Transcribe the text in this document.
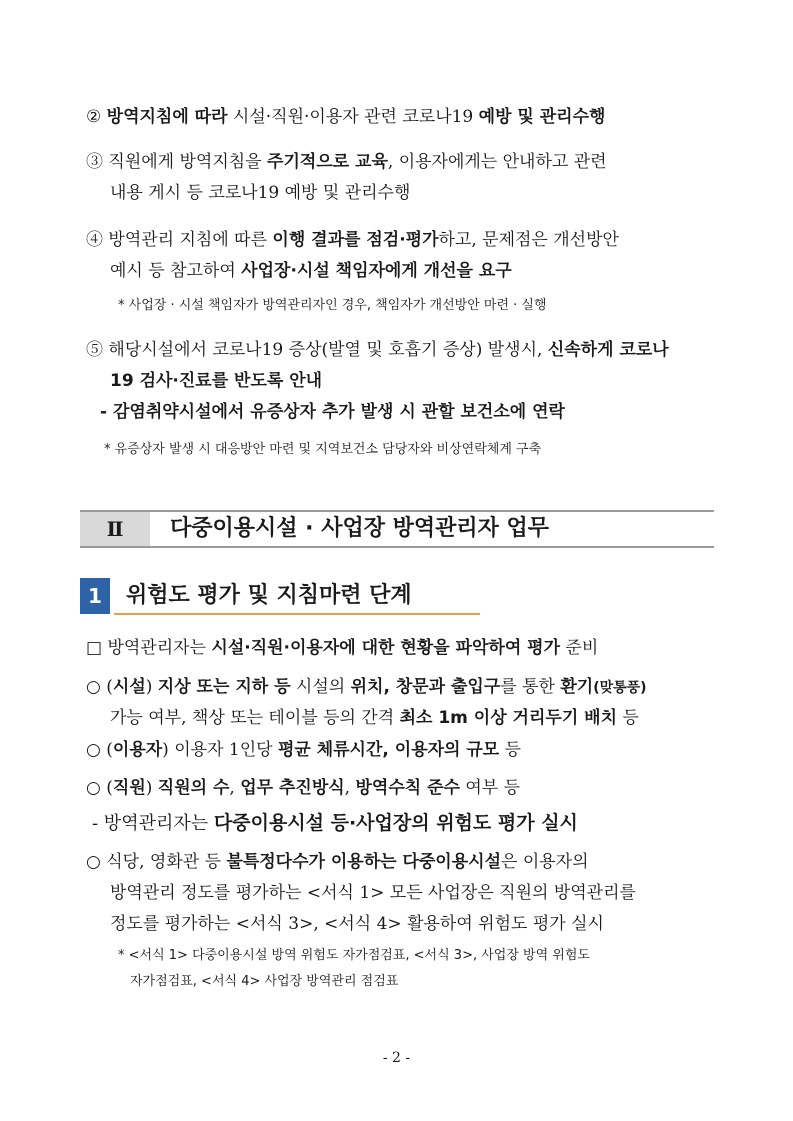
② 방역지침에 따라 시설·직원·이용자 관련 코로나19 예방 및 관리수행
③ 직원에게 방역지침을 주기적으로 교육, 이용자에게는 안내하고 관련
내용 게시 등 코로나19 예방 및 관리수행
④ 방역관리 지침에 따른 이행 결과를 점검·평가하고, 문제점은 개선방안
예시 등 참고하여 사업장·시설 책임자에게 개선을 요구
* 사업장 · 시설 책임자가 방역관리자인 경우, 책임자가 개선방안 마련 · 실행
⑤ 해당시설에서 코로나19 증상(발열 및 호흡기 증상) 발생시, 신속하게 코로나
19 검사·진료를 반도록 안내
- 감염취약시설에서 유증상자 추가 발생 시 관할 보건소에 연락
* 유증상자 발생 시 대응방안 마련 및 지역보건소 담당자와 비상연락체계 구축
Ⅱ	다중이용시설 · 사업장 방역관리자 업무
1	위험도 평가 및 지침마련 단계
□ 방역관리자는 시설·직원·이용자에 대한 현황을 파악하여 평가 준비
○ (시설) 지상 또는 지하 등 시설의 위치, 창문과 출입구를 통한 환기(맞통풍)
가능 여부, 책상 또는 테이블 등의 간격 최소 1m 이상 거리두기 배치 등
○ (이용자) 이용자 1인당 평균 체류시간, 이용자의 규모 등
○ (직원) 직원의 수, 업무 추진방식, 방역수칙 준수 여부 등
- 방역관리자는 다중이용시설 등·사업장의 위험도 평가 실시
○ 식당, 영화관 등 불특정다수가 이용하는 다중이용시설은 이용자의
방역관리 정도를 평가하는 <서식 1> 모든 사업장은 직원의 방역관리를
정도를 평가하는 <서식 3>, <서식 4> 활용하여 위험도 평가 실시
* <서식 1> 다중이용시설 방역 위험도 자가점검표, <서식 3>, 사업장 방역 위험도
자가점검표, <서식 4> 사업장 방역관리 점검표
- 2 -
